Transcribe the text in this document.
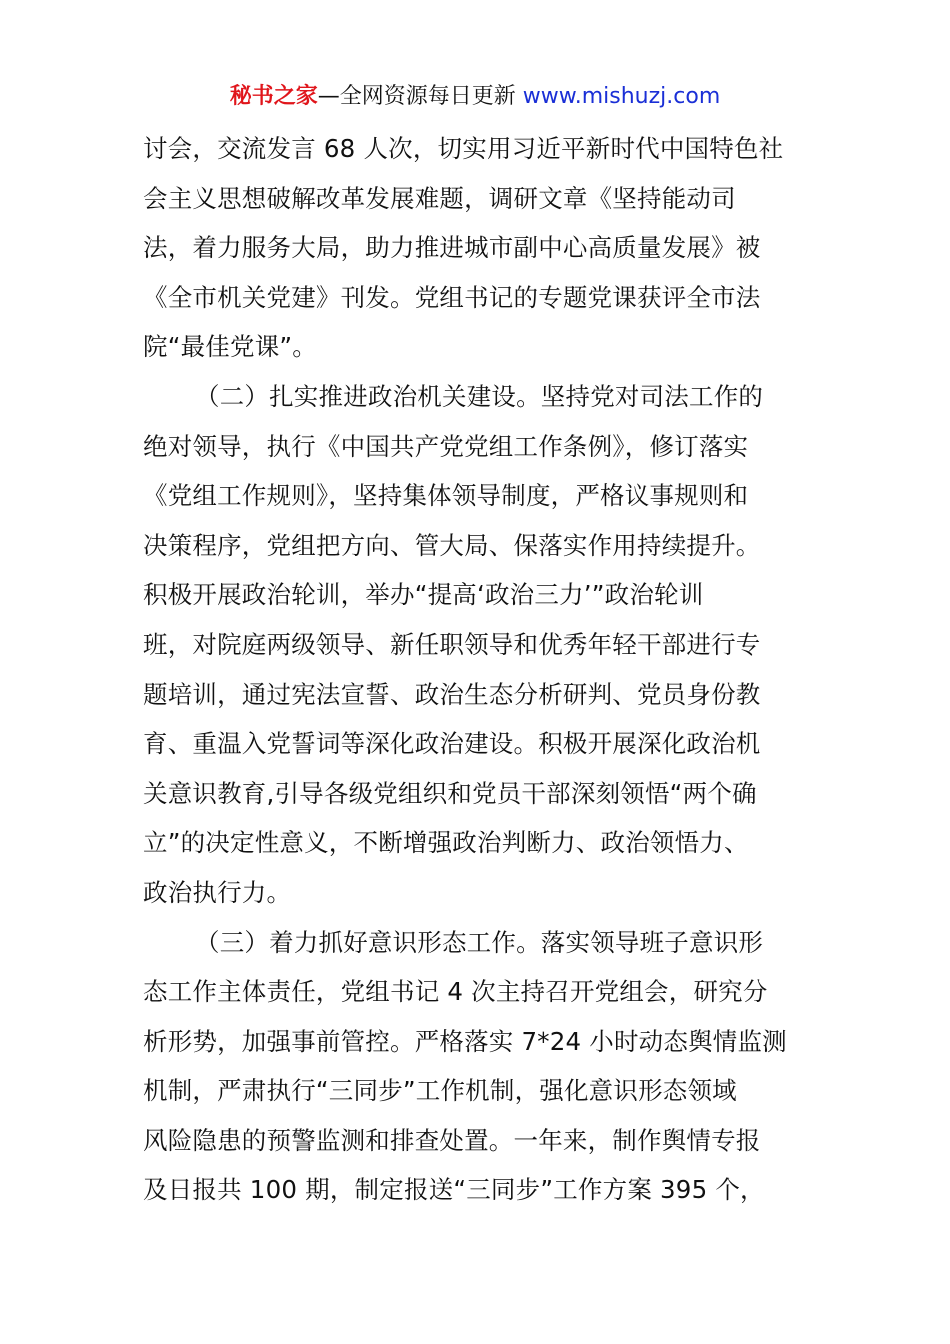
秘书之家—全网资源每日更新 www.mishuzj.com
讨会，交流发言 68 人次，切实用习近平新时代中国特色社
会主义思想破解改革发展难题，调研文章《坚持能动司
法，着力服务大局，助力推进城市副中心高质量发展》被
《全市机关党建》刊发。党组书记的专题党课获评全市法
院“最佳党课”。
（二）扎实推进政治机关建设。坚持党对司法工作的
绝对领导，执行《中国共产党党组工作条例》，修订落实
《党组工作规则》，坚持集体领导制度，严格议事规则和
决策程序，党组把方向、管大局、保落实作用持续提升。
积极开展政治轮训，举办“提高‘政治三力’”政治轮训
班，对院庭两级领导、新任职领导和优秀年轻干部进行专
题培训，通过宪法宣誓、政治生态分析研判、党员身份教
育、重温入党誓词等深化政治建设。积极开展深化政治机
关意识教育,引导各级党组织和党员干部深刻领悟“两个确
立”的决定性意义，不断增强政治判断力、政治领悟力、
政治执行力。
（三）着力抓好意识形态工作。落实领导班子意识形
态工作主体责任，党组书记 4 次主持召开党组会，研究分
析形势，加强事前管控。严格落实 7*24 小时动态舆情监测
机制，严肃执行“三同步”工作机制，强化意识形态领域
风险隐患的预警监测和排查处置。一年来，制作舆情专报
及日报共 100 期，制定报送“三同步”工作方案 395 个，
